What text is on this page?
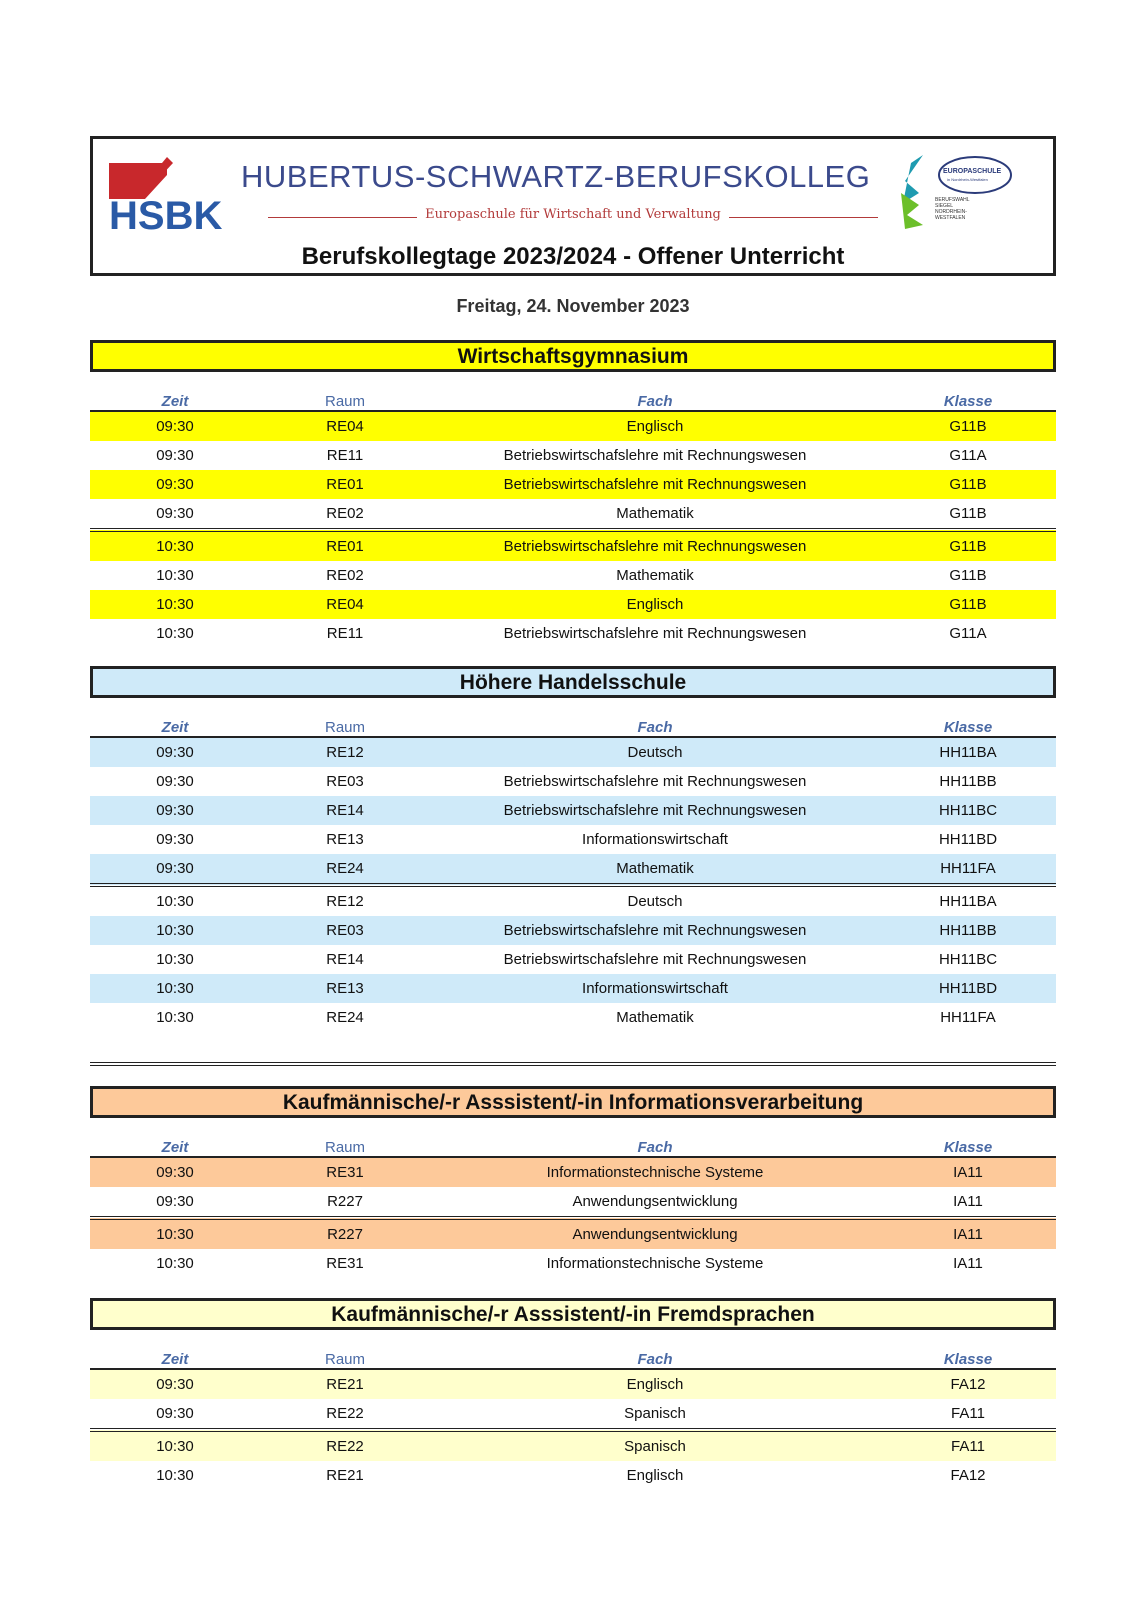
HSBK
HUBERTUS-SCHWARTZ-BERUFSKOLLEG
Europaschule für Wirtschaft und Verwaltung
EUROPASCHULE
in Nordrhein-Westfalen
BERUFSWAHL
SIEGEL
NORDRHEIN-
WESTFALEN
Berufskollegtage 2023/2024 - Offener Unterricht
Freitag, 24. November 2023
Wirtschaftsgymnasium
Zeit	Raum	Fach	Klasse
09:30	RE04	Englisch	G11B
09:30	RE11	Betriebswirtschafslehre mit Rechnungswesen	G11A
09:30	RE01	Betriebswirtschafslehre mit Rechnungswesen	G11B
09:30	RE02	Mathematik	G11B
10:30	RE01	Betriebswirtschafslehre mit Rechnungswesen	G11B
10:30	RE02	Mathematik	G11B
10:30	RE04	Englisch	G11B
10:30	RE11	Betriebswirtschafslehre mit Rechnungswesen	G11A
Höhere Handelsschule
Zeit	Raum	Fach	Klasse
09:30	RE12	Deutsch	HH11BA
09:30	RE03	Betriebswirtschafslehre mit Rechnungswesen	HH11BB
09:30	RE14	Betriebswirtschafslehre mit Rechnungswesen	HH11BC
09:30	RE13	Informationswirtschaft	HH11BD
09:30	RE24	Mathematik	HH11FA
10:30	RE12	Deutsch	HH11BA
10:30	RE03	Betriebswirtschafslehre mit Rechnungswesen	HH11BB
10:30	RE14	Betriebswirtschafslehre mit Rechnungswesen	HH11BC
10:30	RE13	Informationswirtschaft	HH11BD
10:30	RE24	Mathematik	HH11FA
Kaufmännische/-r Asssistent/-in Informationsverarbeitung
Zeit	Raum	Fach	Klasse
09:30	RE31	Informationstechnische Systeme	IA11
09:30	R227	Anwendungsentwicklung	IA11
10:30	R227	Anwendungsentwicklung	IA11
10:30	RE31	Informationstechnische Systeme	IA11
Kaufmännische/-r Asssistent/-in Fremdsprachen
Zeit	Raum	Fach	Klasse
09:30	RE21	Englisch	FA12
09:30	RE22	Spanisch	FA11
10:30	RE22	Spanisch	FA11
10:30	RE21	Englisch	FA12
